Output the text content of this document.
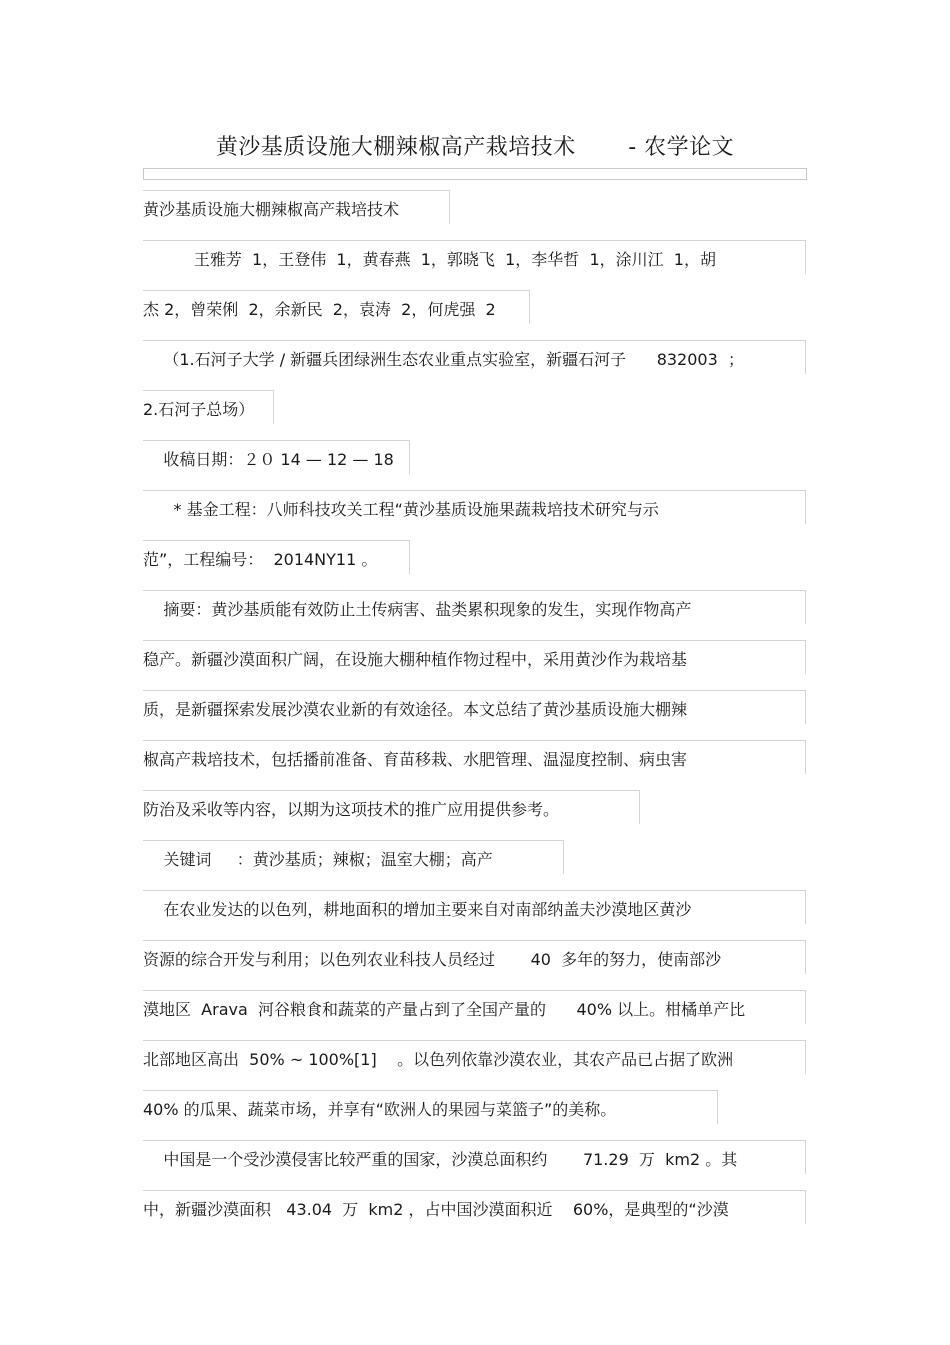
黄沙基质设施大棚辣椒高产栽培技术       - 农学论文
黄沙基质设施大棚辣椒高产栽培技术
王雅芳  1，王登伟  1，黄春燕  1，郭晓飞  1，李华哲  1，涂川江  1，胡
杰 2，曾荣俐  2，余新民  2，袁涛  2，何虎强  2
（1.石河子大学 / 新疆兵团绿洲生态农业重点实验室，新疆石河子      832003  ；
2.石河子总场）
收稿日期：２０ 14 — 12 — 18
* 基金工程：八师科技攻关工程“黄沙基质设施果蔬栽培技术研究与示
范”，工程编号：  2014NY11 。
摘要：黄沙基质能有效防止土传病害、盐类累积现象的发生，实现作物高产
稳产。新疆沙漠面积广阔，在设施大棚种植作物过程中，采用黄沙作为栽培基
质，是新疆探索发展沙漠农业新的有效途径。本文总结了黄沙基质设施大棚辣
椒高产栽培技术，包括播前准备、育苗移栽、水肥管理、温湿度控制、病虫害
防治及采收等内容，以期为这项技术的推广应用提供参考。
关键词     ：黄沙基质；辣椒；温室大棚；高产
在农业发达的以色列，耕地面积的增加主要来自对南部纳盖夫沙漠地区黄沙
资源的综合开发与利用；以色列农业科技人员经过       40  多年的努力，使南部沙
漠地区  Arava  河谷粮食和蔬菜的产量占到了全国产量的      40% 以上。柑橘单产比
北部地区高出  50% ~ 100%[1]    。以色列依靠沙漠农业，其农产品已占据了欧洲
40% 的瓜果、蔬菜市场，并享有“欧洲人的果园与菜篮子”的美称。
中国是一个受沙漠侵害比较严重的国家，沙漠总面积约       71.29  万  km2 。其
中，新疆沙漠面积   43.04  万  km2 ，占中国沙漠面积近    60%，是典型的“沙漠
